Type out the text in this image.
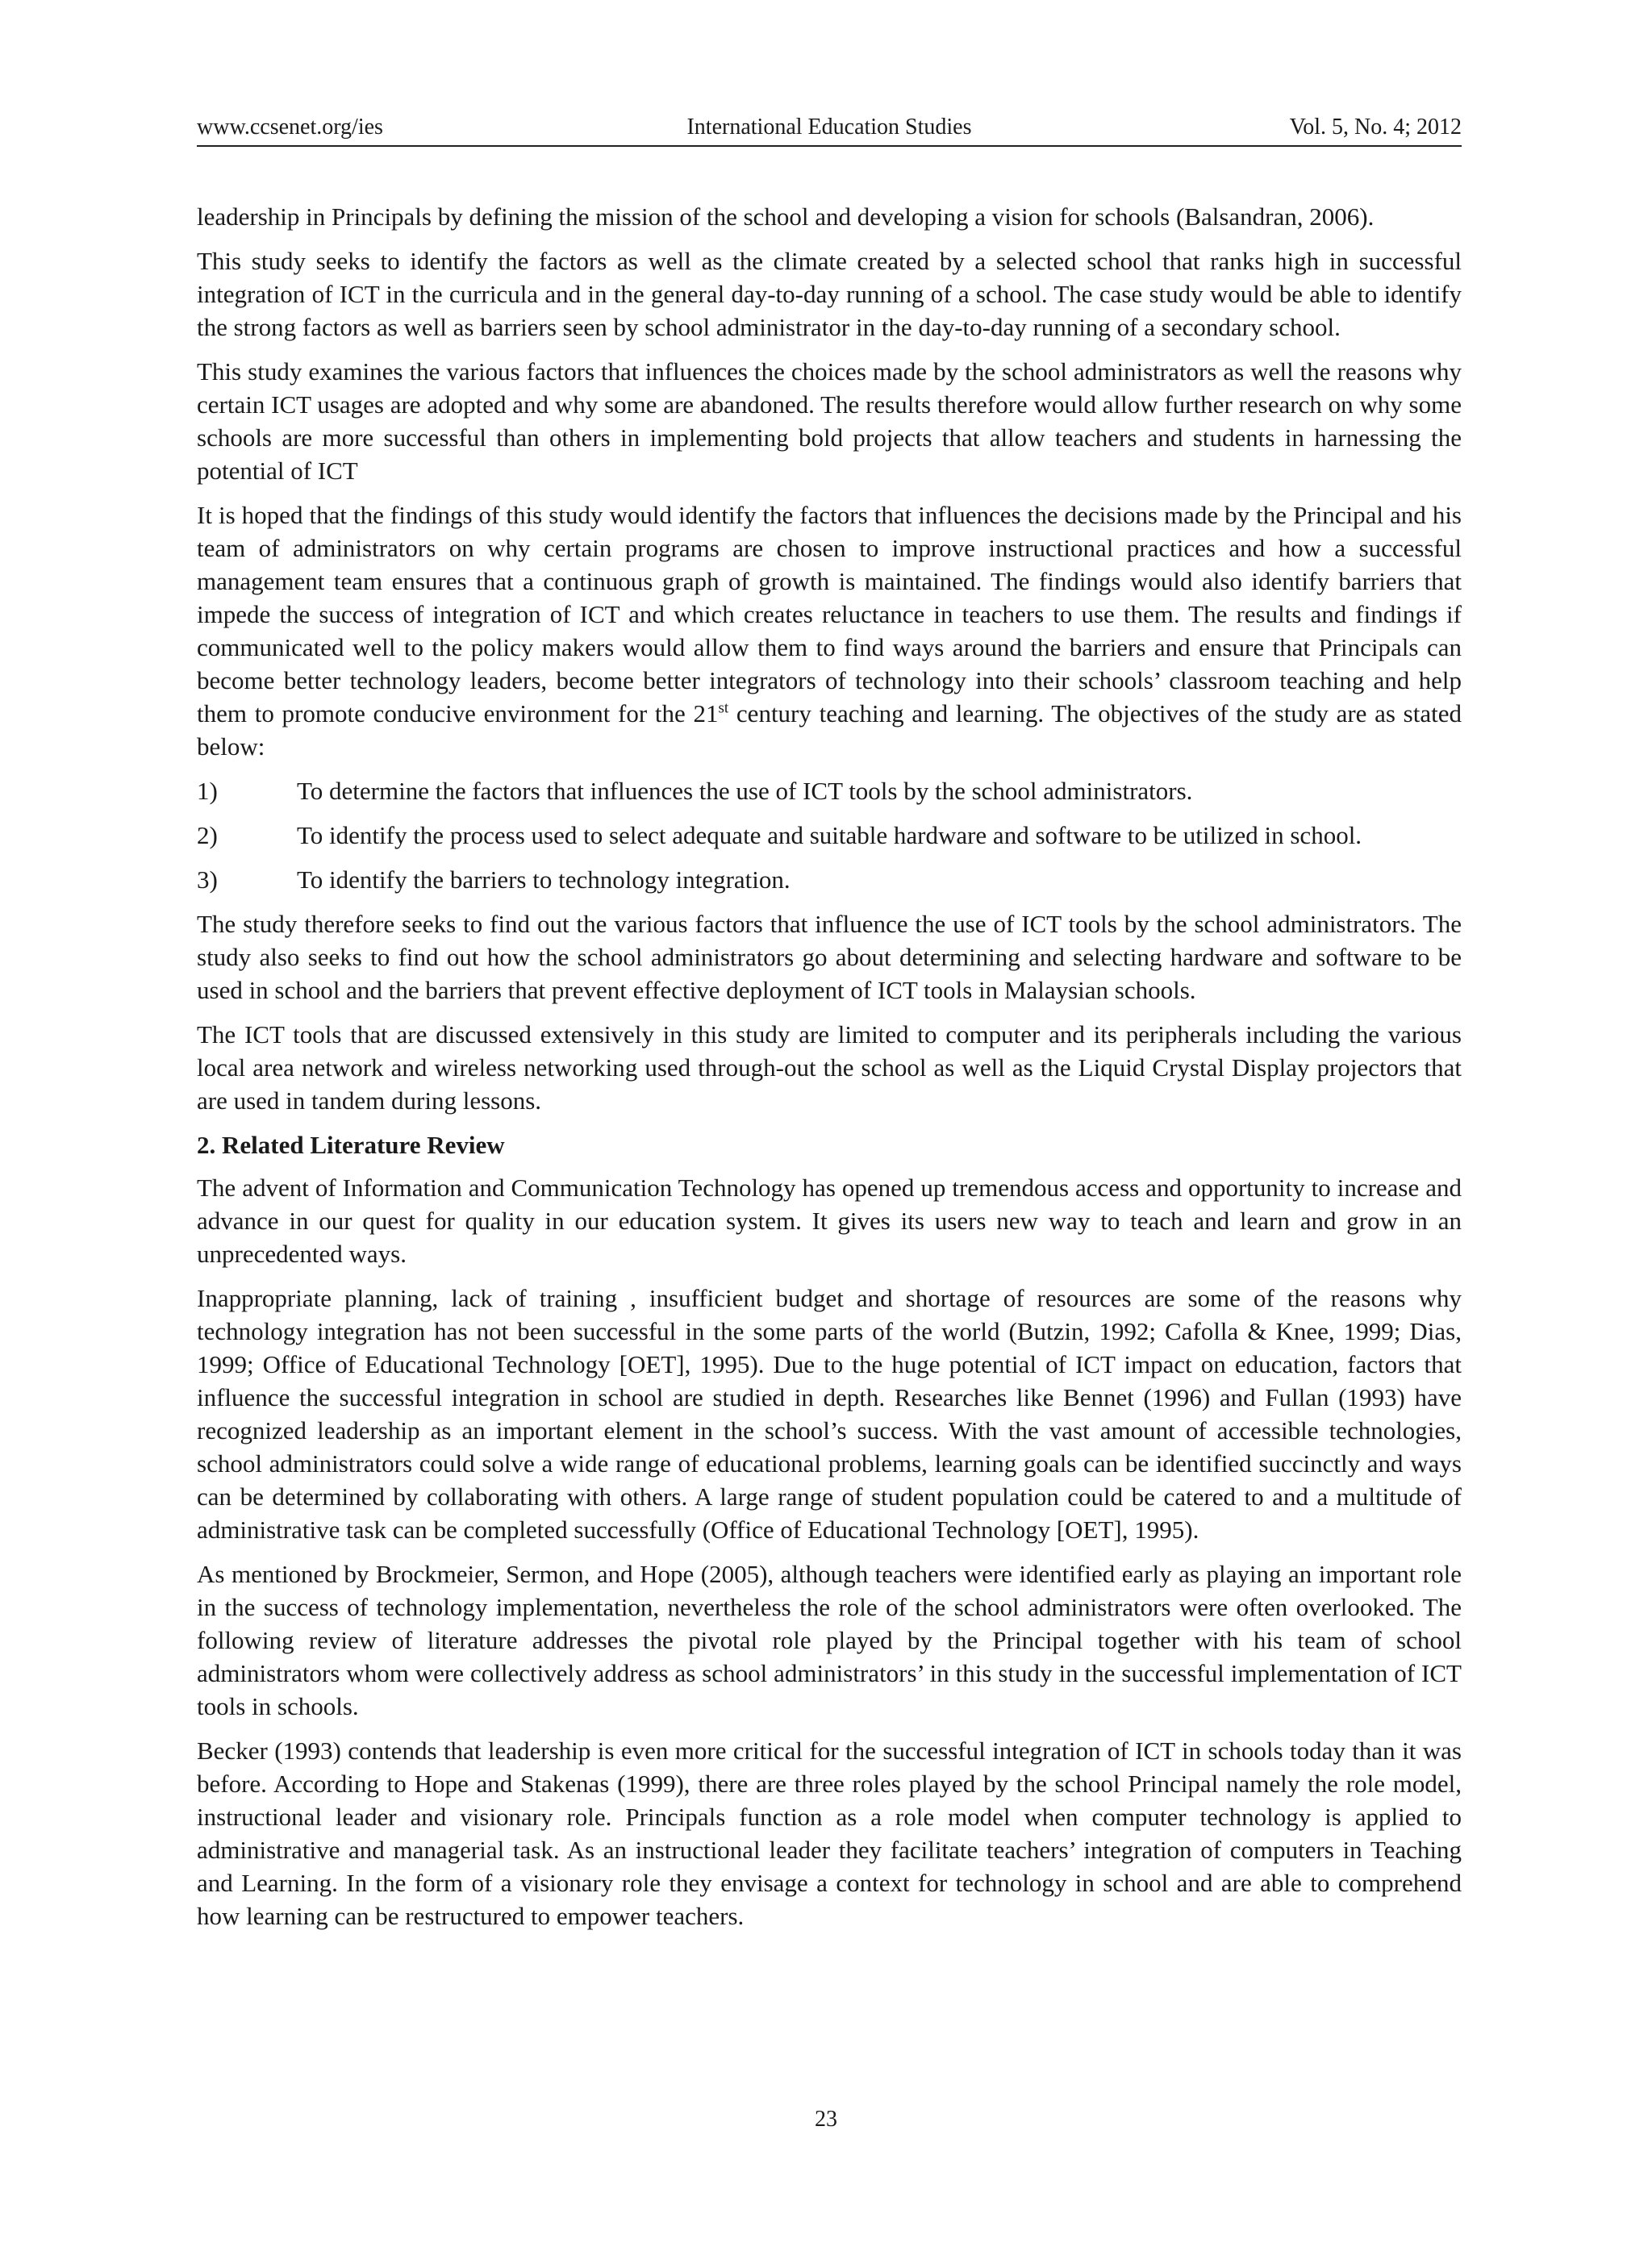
www.ccsenet.org/ies	International Education Studies	Vol. 5, No. 4; 2012

leadership in Principals by defining the mission of the school and developing a vision for schools (Balsandran, 2006).

This study seeks to identify the factors as well as the climate created by a selected school that ranks high in successful integration of ICT in the curricula and in the general day-to-day running of a school. The case study would be able to identify the strong factors as well as barriers seen by school administrator in the day-to-day running of a secondary school.

This study examines the various factors that influences the choices made by the school administrators as well the reasons why certain ICT usages are adopted and why some are abandoned. The results therefore would allow further research on why some schools are more successful than others in implementing bold projects that allow teachers and students in harnessing the potential of ICT

It is hoped that the findings of this study would identify the factors that influences the decisions made by the Principal and his team of administrators on why certain programs are chosen to improve instructional practices and how a successful management team ensures that a continuous graph of growth is maintained. The findings would also identify barriers that impede the success of integration of ICT and which creates reluctance in teachers to use them. The results and findings if communicated well to the policy makers would allow them to find ways around the barriers and ensure that Principals can become better technology leaders, become better integrators of technology into their schools’ classroom teaching and help them to promote conducive environment for the 21st century teaching and learning. The objectives of the study are as stated below:

1)	To determine the factors that influences the use of ICT tools by the school administrators.
2)	To identify the process used to select adequate and suitable hardware and software to be utilized in school.
3)	To identify the barriers to technology integration.

The study therefore seeks to find out the various factors that influence the use of ICT tools by the school administrators. The study also seeks to find out how the school administrators go about determining and selecting hardware and software to be used in school and the barriers that prevent effective deployment of ICT tools in Malaysian schools.

The ICT tools that are discussed extensively in this study are limited to computer and its peripherals including the various local area network and wireless networking used through-out the school as well as the Liquid Crystal Display projectors that are used in tandem during lessons.

2. Related Literature Review

The advent of Information and Communication Technology has opened up tremendous access and opportunity to increase and advance in our quest for quality in our education system. It gives its users new way to teach and learn and grow in an unprecedented ways.

Inappropriate planning, lack of training , insufficient budget and shortage of resources are some of the reasons why technology integration has not been successful in the some parts of the world (Butzin, 1992; Cafolla & Knee, 1999; Dias, 1999; Office of Educational Technology [OET], 1995). Due to the huge potential of ICT impact on education, factors that influence the successful integration in school are studied in depth. Researches like Bennet (1996) and Fullan (1993) have recognized leadership as an important element in the school’s success. With the vast amount of accessible technologies, school administrators could solve a wide range of educational problems, learning goals can be identified succinctly and ways can be determined by collaborating with others. A large range of student population could be catered to and a multitude of administrative task can be completed successfully (Office of Educational Technology [OET], 1995).

As mentioned by Brockmeier, Sermon, and Hope (2005), although teachers were identified early as playing an important role in the success of technology implementation, nevertheless the role of the school administrators were often overlooked. The following review of literature addresses the pivotal role played by the Principal together with his team of school administrators whom were collectively address as school administrators’ in this study in the successful implementation of ICT tools in schools.

Becker (1993) contends that leadership is even more critical for the successful integration of ICT in schools today than it was before. According to Hope and Stakenas (1999), there are three roles played by the school Principal namely the role model, instructional leader and visionary role. Principals function as a role model when computer technology is applied to administrative and managerial task. As an instructional leader they facilitate teachers’ integration of computers in Teaching and Learning. In the form of a visionary role they envisage a context for technology in school and are able to comprehend how learning can be restructured to empower teachers.

23
